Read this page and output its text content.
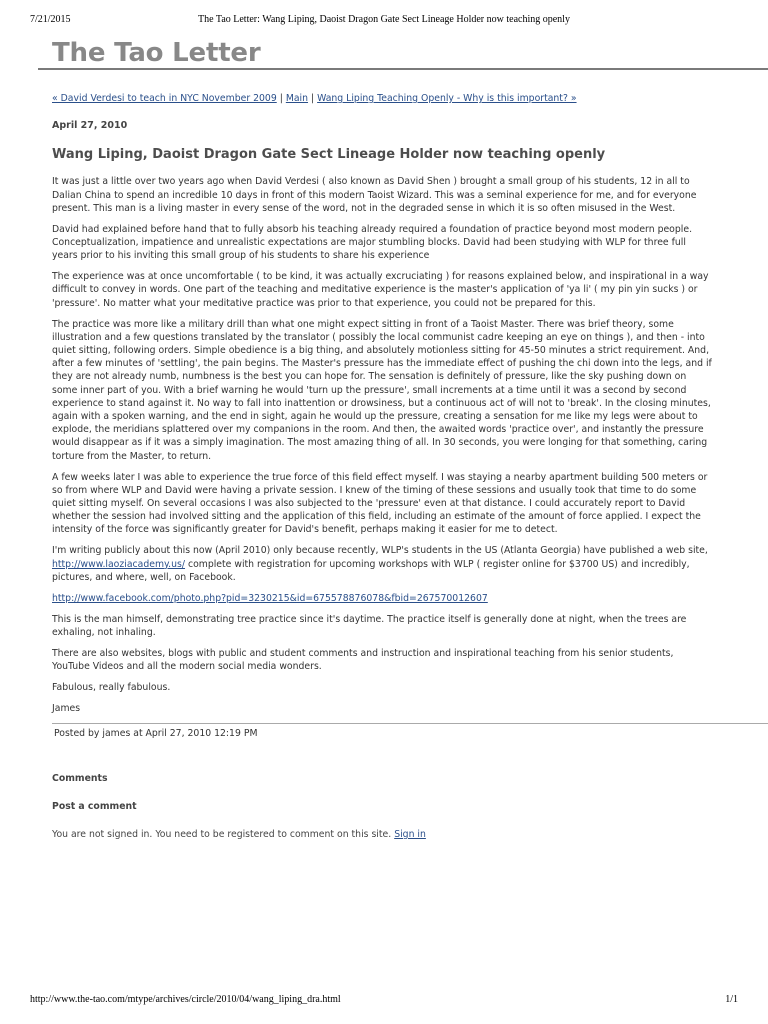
7/21/2015	The Tao Letter: Wang Liping, Daoist Dragon Gate Sect Lineage Holder now teaching openly
The Tao Letter
« David Verdesi to teach in NYC November 2009 | Main | Wang Liping Teaching Openly - Why is this important? »
April 27, 2010
Wang Liping, Daoist Dragon Gate Sect Lineage Holder now teaching openly

It was just a little over two years ago when David Verdesi ( also known as David Shen ) brought a small group of his students, 12 in all to Dalian China to spend an incredible 10 days in front of this modern Taoist Wizard. This was a seminal experience for me, and for everyone present. This man is a living master in every sense of the word, not in the degraded sense in which it is so often misused in the West.

David had explained before hand that to fully absorb his teaching already required a foundation of practice beyond most modern people. Conceptualization, impatience and unrealistic expectations are major stumbling blocks. David had been studying with WLP for three full years prior to his inviting this small group of his students to share his experience

The experience was at once uncomfortable ( to be kind, it was actually excruciating ) for reasons explained below, and inspirational in a way difficult to convey in words. One part of the teaching and meditative experience is the master's application of 'ya li' ( my pin yin sucks ) or 'pressure'. No matter what your meditative practice was prior to that experience, you could not be prepared for this.

The practice was more like a military drill than what one might expect sitting in front of a Taoist Master. There was brief theory, some illustration and a few questions translated by the translator ( possibly the local communist cadre keeping an eye on things ), and then - into quiet sitting, following orders. Simple obedience is a big thing, and absolutely motionless sitting for 45-50 minutes a strict requirement. And, after a few minutes of 'settling', the pain begins. The Master's pressure has the immediate effect of pushing the chi down into the legs, and if they are not already numb, numbness is the best you can hope for. The sensation is definitely of pressure, like the sky pushing down on some inner part of you. With a brief warning he would 'turn up the pressure', small increments at a time until it was a second by second experience to stand against it. No way to fall into inattention or drowsiness, but a continuous act of will not to 'break'. In the closing minutes, again with a spoken warning, and the end in sight, again he would up the pressure, creating a sensation for me like my legs were about to explode, the meridians splattered over my companions in the room. And then, the awaited words 'practice over', and instantly the pressure would disappear as if it was a simply imagination. The most amazing thing of all. In 30 seconds, you were longing for that something, caring torture from the Master, to return.

A few weeks later I was able to experience the true force of this field effect myself. I was staying a nearby apartment building 500 meters or so from where WLP and David were having a private session. I knew of the timing of these sessions and usually took that time to do some quiet sitting myself. On several occasions I was also subjected to the 'pressure' even at that distance. I could accurately report to David whether the session had involved sitting and the application of this field, including an estimate of the amount of force applied. I expect the intensity of the force was significantly greater for David's benefit, perhaps making it easier for me to detect.

I'm writing publicly about this now (April 2010) only because recently, WLP's students in the US (Atlanta Georgia) have published a web site, http://www.laoziacademy.us/ complete with registration for upcoming workshops with WLP ( register online for $3700 US) and incredibly, pictures, and where, well, on Facebook.

http://www.facebook.com/photo.php?pid=3230215&id=675578876078&fbid=267570012607

This is the man himself, demonstrating tree practice since it's daytime. The practice itself is generally done at night, when the trees are exhaling, not inhaling.

There are also websites, blogs with public and student comments and instruction and inspirational teaching from his senior students, YouTube Videos and all the modern social media wonders.

Fabulous, really fabulous.

James

Posted by james at April 27, 2010 12:19 PM
Comments
Post a comment
You are not signed in. You need to be registered to comment on this site. Sign in
http://www.the-tao.com/mtype/archives/circle/2010/04/wang_liping_dra.html	1/1
